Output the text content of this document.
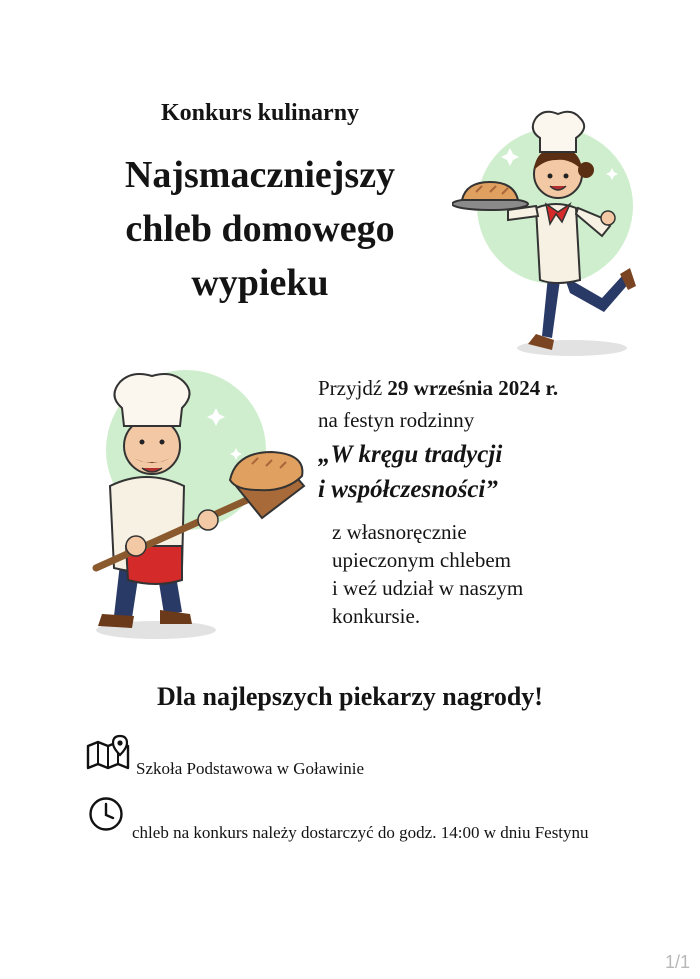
Konkurs kulinarny
Najsmaczniejszy
chleb domowego
wypieku
Przyjdź 29 września 2024 r.
na festyn rodzinny
„W kręgu tradycji
i współczesności”
z własnoręcznie
upieczonym chlebem
i weź udział w naszym
konkursie.
Dla najlepszych piekarzy nagrody!
Szkoła Podstawowa w Goławinie
chleb na konkurs należy dostarczyć do godz. 14:00 w dniu Festynu
1/1
